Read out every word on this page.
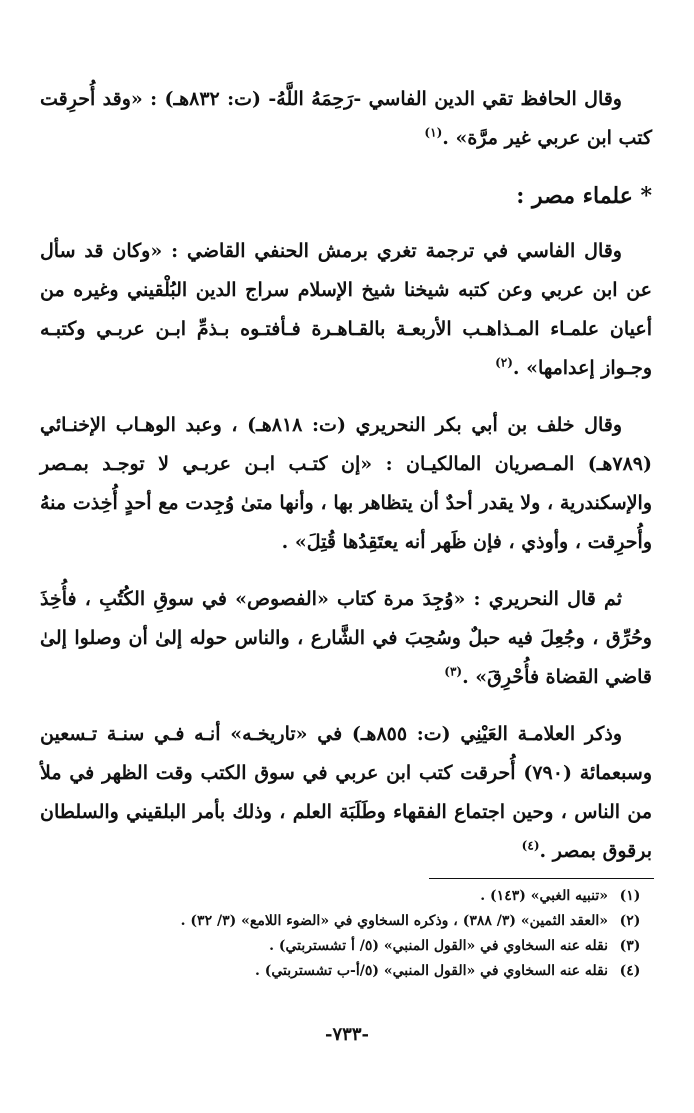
وقال الحافظ تقي الدين الفاسي -رَحِمَهُ اللَّهُ- (ت: ٨٣٢هـ) : «وقد أُحرِقت كتب ابن عربي غير مرَّة» .$^{(١)}$

* علماء مصر :

وقال الفاسي في ترجمة تغري برمش الحنفي القاضي : «وكان قد سأل عن ابن عربي وعن كتبه شيخنا شيخ الإسلام سراج الدين البُلْقيني وغيره من أعيان علمـاء المـذاهـب الأربعـة بالقـاهـرة فـأفتـوه بـذمِّ ابـن عربـي وكتبـه وجـواز إعدامها» .$^{(٢)}$

وقال خلف بن أبي بكر النحريري (ت: ٨١٨هـ) ، وعبد الوهـاب الإخنـائي (٧٨٩هـ) المـصريان المالكيـان : «إن كتـب ابـن عربـي لا توجـد بمـصر والإسكندرية ، ولا يقدر أحدٌ أن يتظاهر بها ، وأنها متىٰ وُجِدت مع أحدٍ أُخِذت منهُ وأُحرِقت ، وأوذي ، فإن ظَهر أنه يعتَقِدُها قُتِلَ» .

ثم قال النحريري : «وُجِدَ مرة كتاب «الفصوص» في سوقِ الكُتُبِ ، فأُخِذَ وحُرِّق ، وجُعِلَ فيه حبلٌ وسُحِبَ في الشَّارع ، والناس حوله إلىٰ أن وصلوا إلىٰ قاضي القضاة فأُحْرِقَ» .$^{(٣)}$

وذكر العلامـة العَيْنِي (ت: ٨٥٥هـ) في «تاريخـه» أنـه فـي سنـة تـسعين وسبعمائة (٧٩٠) أُحرقت كتب ابن عربي في سوق الكتب وقت الظهر في ملأ من الناس ، وحين اجتماع الفقهاء وطَلَبَة العلم ، وذلك بأمر البلقيني والسلطان برقوق بمصر .$^{(٤)}$

(١)
«تنبيه الغبي» (١٤٣) .
(٢)
«العقد الثمين» (٣/ ٣٨٨) ، وذكره السخاوي في «الضوء اللامع» (٣/ ٣٢) .
(٣)
نقله عنه السخاوي في «القول المنبي» (٥/ أ تشستربتي) .
(٤)
نقله عنه السخاوي في «القول المنبي» (٥/أ-ب تشستربتي) .
-٧٣٣-
